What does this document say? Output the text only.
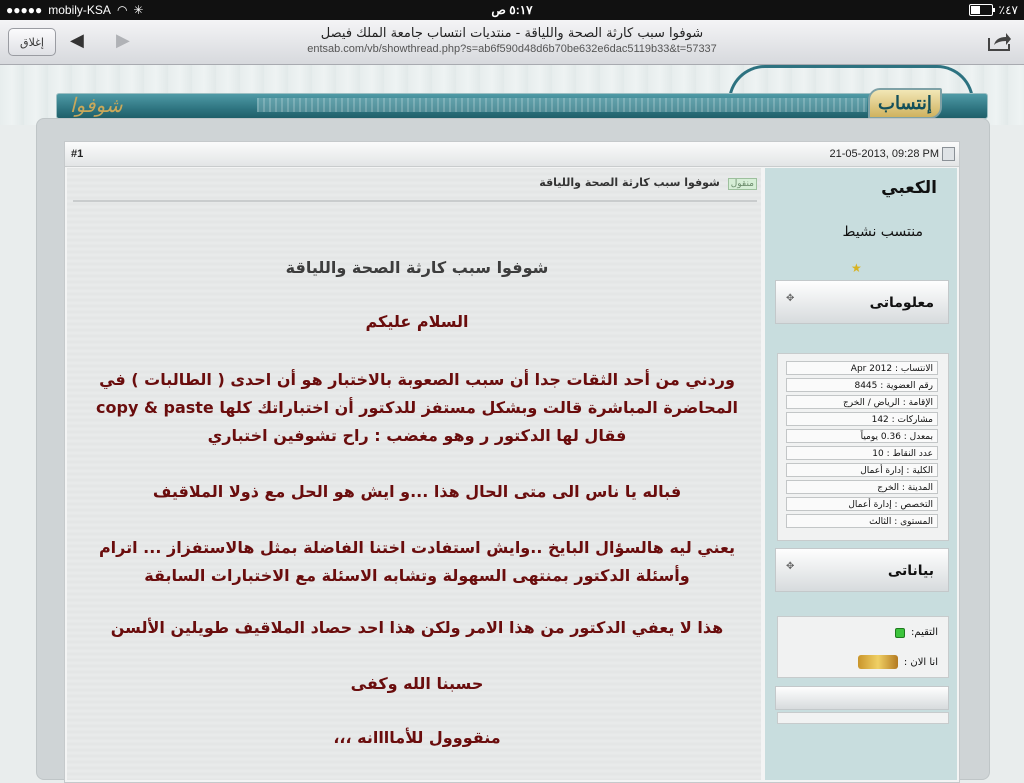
●●●●● mobily-KSA ◠ ✳	٥:١٧ ص	٪٤٧
إغلاق	◀ ▶	شوفوا سبب كارثة الصحة واللياقة - منتديات انتساب جامعة الملك فيصل
entsab.com/vb/showthread.php?s=ab6f590d48d6b70be632e6dac5119b33&t=57337
شوفوا	إنتساب
#1	21-05-2013, 09:28 PM
منقول شوفوا سبب كارثة الصحة واللياقة
شوفوا سبب كارثة الصحة واللياقة
السلام عليكم
وردني من أحد الثقات جدا أن سبب الصعوبة بالاختبار هو أن احدى ( الطالبات ) في المحاضرة المباشرة قالت وبشكل مستفز للدكتور أن اختباراتك كلها copy & paste فقال لها الدكتور ر وهو مغضب : راح تشوفين اختباري
فباله يا ناس الى متى الحال هذا ...و ايش هو الحل مع ذولا الملاقيف
يعني ليه هالسؤال البايخ ..وايش استفادت اختنا الفاضلة بمثل هالاستفزاز ... اترام وأسئلة الدكتور بمنتهى السهولة وتشابه الاسئلة مع الاختبارات السابقة
هذا لا يعفي الدكتور من هذا الامر ولكن هذا احد حصاد الملاقيف طويلين الألسن
حسبنا الله وكفى
منقووول للأماااانه ،،،
الكعبي
منتسب نشيط
★
✥	معلوماتى
الانتساب : Apr 2012
رقم العضوية : 8445
الإقامة : الرياض / الخرج
مشاركات : 142
بمعدل : 0.36 يومياً
عدد النقاط : 10
الكلية : إدارة أعمال
المدينة : الخرج
التخصص : إدارة أعمال
المستوى : الثالث
✥	بياناتى
التقيم:
انا الان :
